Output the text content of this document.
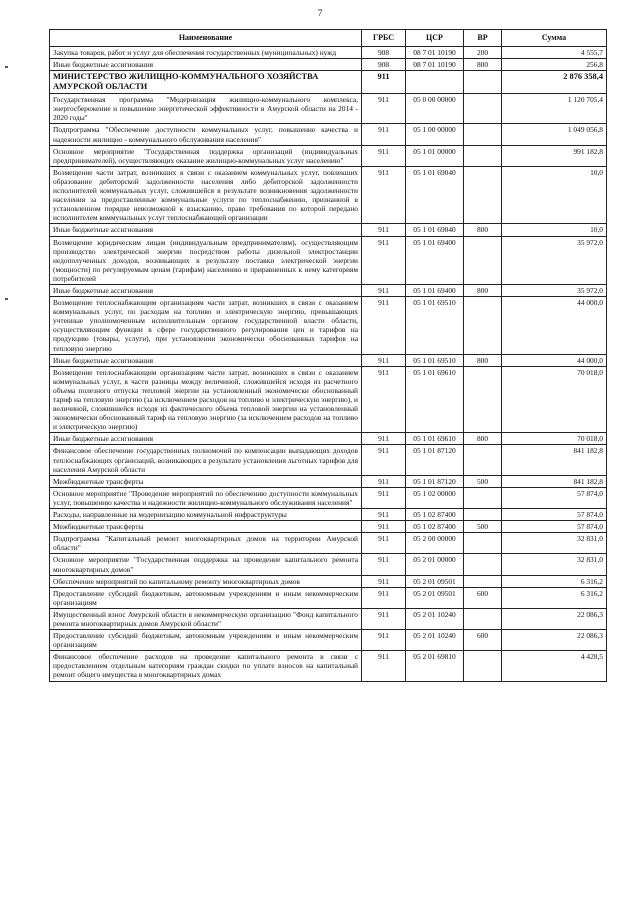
7
Наименование	ГРБС	ЦСР	ВР	Сумма
Закупка товаров, работ и услуг для обеспечения государственных (муниципальных) нужд	908	08 7 01 10190	200	4 555,7
Иные бюджетные ассигнования	908	08 7 01 10190	800	256,8
МИНИСТЕРСТВО ЖИЛИЩНО-КОММУНАЛЬНОГО ХОЗЯЙСТВА АМУРСКОЙ ОБЛАСТИ	911			2 876 358,4
Государственная программа "Модернизация жилищно-коммунального комплекса, энергосбережение и повышение энергетической эффективности в Амурской области на 2014 - 2020 годы"	911	05 0 00 00000		1 120 705,4
Подпрограмма "Обеспечение доступности коммунальных услуг, повышение качества и надежности жилищно - коммунального обслуживания населения"	911	05 1 00 00000		1 049 056,8
Основное мероприятие "Государственная поддержка организаций (индивидуальных предпринимателей), осуществляющих оказание жилищно-коммунальных услуг населению"	911	05 1 01 00000		991 182,8
Возмещение части затрат, возникших в связи с оказанием коммунальных услуг, повлекших образование дебиторской задолженности населения либо дебиторской задолженности исполнителей коммунальных услуг, сложившейся в результате возникновения задолженности населения за предоставленные коммунальные услуги по теплоснабжению, признанной в установленном порядке невозможной к взысканию, право требования по которой передано исполнителем коммунальных услуг теплоснабжающей организации	911	05 1 01 69040		10,0
Иные бюджетные ассигнования	911	05 1 01 69040	800	10,0
Возмещение юридическим лицам (индивидуальным предпринимателям), осуществляющим производство электрической энергии посредством работы дизельной электростанции недополученных доходов, возникающих в результате поставки электрической энергии (мощности) по регулируемым ценам (тарифам) населению и приравненных к нему категориям потребителей	911	05 1 01 69400		35 972,0
Иные бюджетные ассигнования	911	05 1 01 69400	800	35 972,0
Возмещение теплоснабжающим организациям части затрат, возникших в связи с оказанием коммунальных услуг, по расходам на топливо и электрическую энергию, превышающих учтенные уполномоченным исполнительным органом государственной власти области, осуществляющим функции в сфере государственного регулирования цен и тарифов на продукцию (товары, услуги), при установлении экономически обоснованных тарифов на тепловую энергию	911	05 1 01 69510		44 000,0
Иные бюджетные ассигнования	911	05 1 01 69510	800	44 000,0
Возмещение теплоснабжающим организациям части затрат, возникших в связи с оказанием коммунальных услуг, в части разницы между величиной, сложившейся исходя из расчетного объема полезного отпуска тепловой энергии на установленный экономически обоснованный тариф на тепловую энергию (за исключением расходов на топливо и электрическую энергию), и величиной, сложившейся исходя из фактического объема тепловой энергии на установленный экономически обоснованный тариф на тепловую энергию (за исключением расходов на топливо и электрическую энергию)	911	05 1 01 69610		70 018,0
Иные бюджетные ассигнования	911	05 1 01 69610	800	70 018,0
Финансовое обеспечение государственных полномочий по компенсации выпадающих доходов теплоснабжающих организаций, возникающих в результате установления льготных тарифов для населения Амурской области	911	05 1 01 87120		841 182,8
Межбюджетные трансферты	911	05 1 01 87120	500	841 182,8
Основное мероприятие "Проведение мероприятий по обеспечению доступности коммунальных услуг, повышению качества и надежности жилищно-коммунального обслуживания населения"	911	05 1 02 00000		57 874,0
Расходы, направленные на модернизацию коммунальной инфраструктуры	911	05 1 02 87400		57 874,0
Межбюджетные трансферты	911	05 1 02 87400	500	57 874,0
Подпрограмма "Капитальный ремонт многоквартирных домов на территории Амурской области"	911	05 2 00 00000		32 831,0
Основное мероприятие "Государственная поддержка на проведение капитального ремонта многоквартирных домов"	911	05 2 01 00000		32 831,0
Обеспечение мероприятий по капитальному ремонту многоквартирных домов	911	05 2 01 09501		6 316,2
Предоставление субсидий бюджетным, автономным учреждениям и иным некоммерческим организациям	911	05 2 01 09501	600	6 316,2
Имущественный взнос Амурской области в некоммерческую организацию "Фонд капитального ремонта многоквартирных домов Амурской области"	911	05 2 01 10240		22 086,3
Предоставление субсидий бюджетным, автономным учреждениям и иным некоммерческим организациям	911	05 2 01 10240	600	22 086,3
Финансовое обеспечение расходов на проведение капитального ремонта в связи с предоставлением отдельным категориям граждан скидки по уплате взносов на капитальный ремонт общего имущества в многоквартирных домах	911	05 2 01 69810		4 428,5
